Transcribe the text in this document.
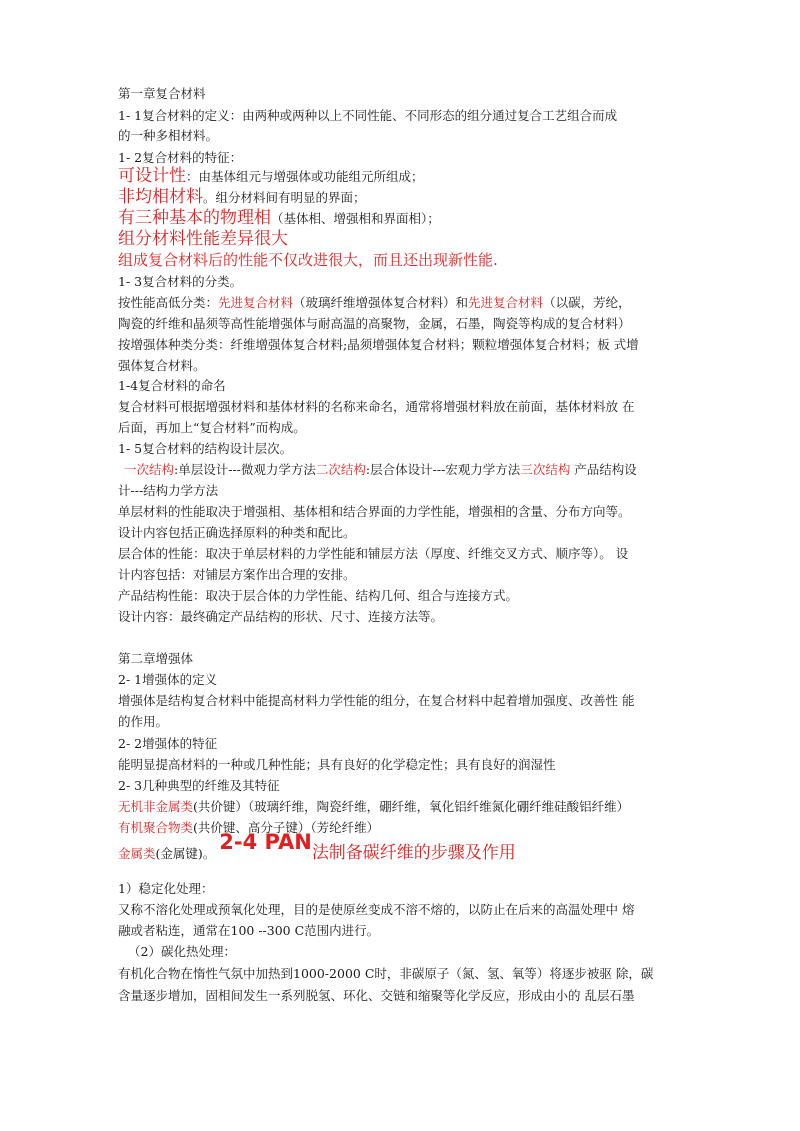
第一章复合材料
1- 1复合材料的定义：由两种或两种以上不同性能、不同形态的组分通过复合工艺组合而成
的一种多相材料。
1- 2复合材料的特征：
可设计性：由基体组元与增强体或功能组元所组成；
非均相材料。组分材料间有明显的界面；
有三种基本的物理相（基体相、增强相和界面相）；
组分材料性能差异很大
组成复合材料后的性能不仅改进很大，而且还出现新性能.
1- 3复合材料的分类。
按性能高低分类：先进复合材料（玻璃纤维增强体复合材料）和先进复合材料（以碳，芳纶，
陶瓷的纤维和晶须等高性能增强体与耐高温的高聚物，金属，石墨，陶瓷等构成的复合材料）
按增强体种类分类：纤维增强体复合材料;晶须增强体复合材料；颗粒增强体复合材料；板 式增
强体复合材料。
1-4复合材料的命名
复合材料可根据增强材料和基体材料的名称来命名，通常将增强材料放在前面，基体材料放 在
后面，再加上“复合材料”而构成。
1- 5复合材料的结构设计层次。
一次结构:单层设计---微观力学方法二次结构:层合体设计---宏观力学方法三次结构 产品结构设
计---结构力学方法
单层材料的性能取决于增强相、基体相和结合界面的力学性能，增强相的含量、分布方向等。
设计内容包括正确选择原料的种类和配比。
层合体的性能：取决于单层材料的力学性能和铺层方法（厚度、纤维交叉方式、顺序等）。 设
计内容包括：对铺层方案作出合理的安排。
产品结构性能：取决于层合体的力学性能、结构几何、组合与连接方式。
设计内容：最终确定产品结构的形状、尺寸、连接方法等。
第二章增强体
2- 1增强体的定义
增强体是结构复合材料中能提高材料力学性能的组分，在复合材料中起着增加强度、改善性 能
的作用。
2- 2增强体的特征
能明显提高材料的一种或几种性能；具有良好的化学稳定性；具有良好的润湿性
2- 3几种典型的纤维及其特征
无机非金属类(共价键）（玻璃纤维，陶瓷纤维，硼纤维，氧化铝纤维氮化硼纤维硅酸铝纤维）
有机聚合物类(共价键、高分子键）（芳纶纤维）
金属类(金属键)。 2-4 PAN法制备碳纤维的步骤及作用
1）稳定化处理：
又称不溶化处理或预氧化处理，目的是使原丝变成不溶不熔的，以防止在后来的高温处理中 熔
融或者粘连，通常在100 --300 C范围内进行。
（2）碳化热处理：
有机化合物在惰性气氛中加热到1000-2000 C时，非碳原子（氮、氢、氧等）将逐步被驱 除，碳
含量逐步增加，固相间发生一系列脱氢、环化、交链和缩聚等化学反应，形成由小的 乱层石墨
